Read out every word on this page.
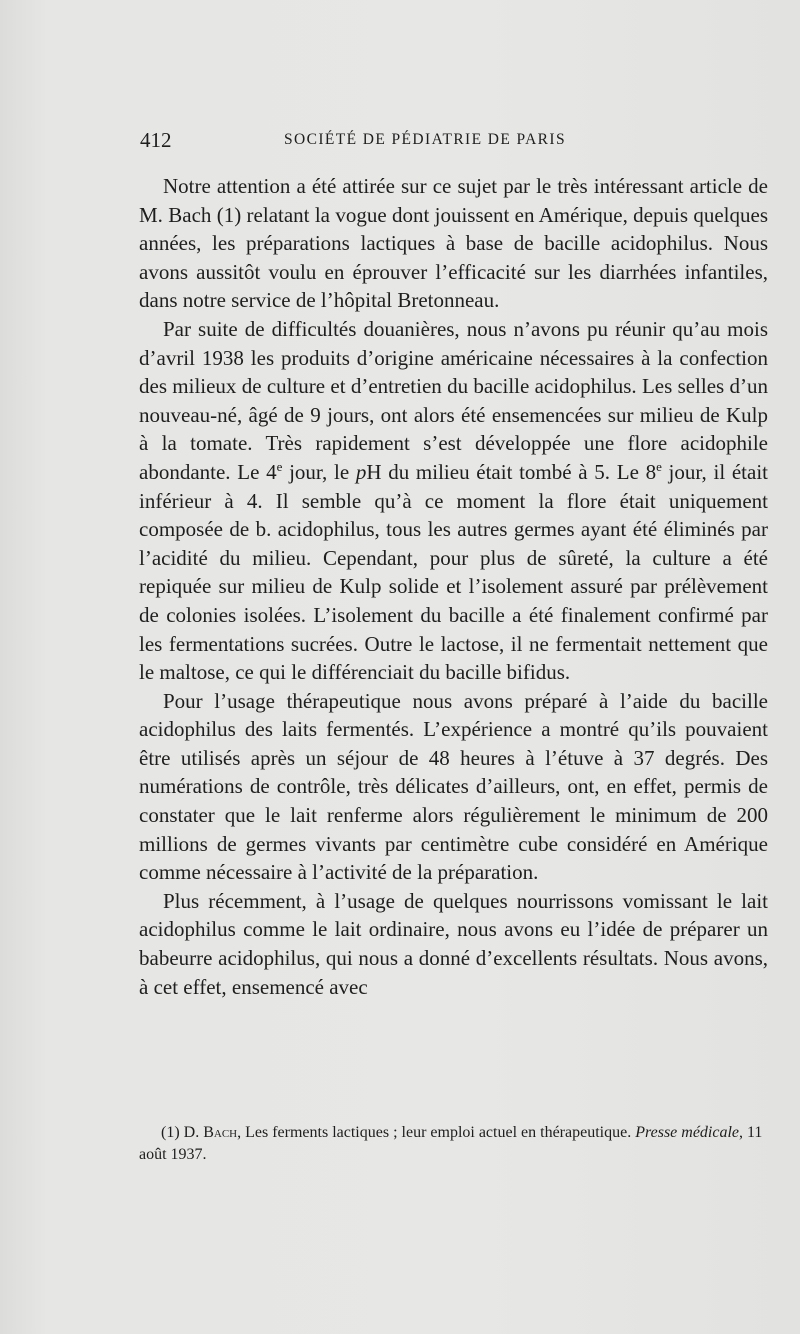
412	SOCIÉTÉ DE PÉDIATRIE DE PARIS

Notre attention a été attirée sur ce sujet par le très intéressant article de M. Bach (1) relatant la vogue dont jouissent en Amérique, depuis quelques années, les préparations lactiques à base de bacille acidophilus. Nous avons aussitôt voulu en éprouver l’efficacité sur les diarrhées infantiles, dans notre service de l’hôpital Bretonneau.

Par suite de difficultés douanières, nous n’avons pu réunir qu’au mois d’avril 1938 les produits d’origine américaine nécessaires à la confection des milieux de culture et d’entretien du bacille acidophilus. Les selles d’un nouveau-né, âgé de 9 jours, ont alors été ensemencées sur milieu de Kulp à la tomate. Très rapidement s’est développée une flore acidophile abondante. Le 4e jour, le pH du milieu était tombé à 5. Le 8e jour, il était inférieur à 4. Il semble qu’à ce moment la flore était uniquement composée de b. acidophilus, tous les autres germes ayant été éliminés par l’acidité du milieu. Cependant, pour plus de sûreté, la culture a été repiquée sur milieu de Kulp solide et l’isolement assuré par prélèvement de colonies isolées. L’isolement du bacille a été finalement confirmé par les fermentations sucrées. Outre le lactose, il ne fermentait nettement que le maltose, ce qui le différenciait du bacille bifidus.

Pour l’usage thérapeutique nous avons préparé à l’aide du bacille acidophilus des laits fermentés. L’expérience a montré qu’ils pouvaient être utilisés après un séjour de 48 heures à l’étuve à 37 degrés. Des numérations de contrôle, très délicates d’ailleurs, ont, en effet, permis de constater que le lait renferme alors régulièrement le minimum de 200 millions de germes vivants par centimètre cube considéré en Amérique comme nécessaire à l’activité de la préparation.

Plus récemment, à l’usage de quelques nourrissons vomissant le lait acidophilus comme le lait ordinaire, nous avons eu l’idée de préparer un babeurre acidophilus, qui nous a donné d’excellents résultats. Nous avons, à cet effet, ensemencé avec

(1) D. Bach, Les ferments lactiques ; leur emploi actuel en thérapeutique. Presse médicale, 11 août 1937.
